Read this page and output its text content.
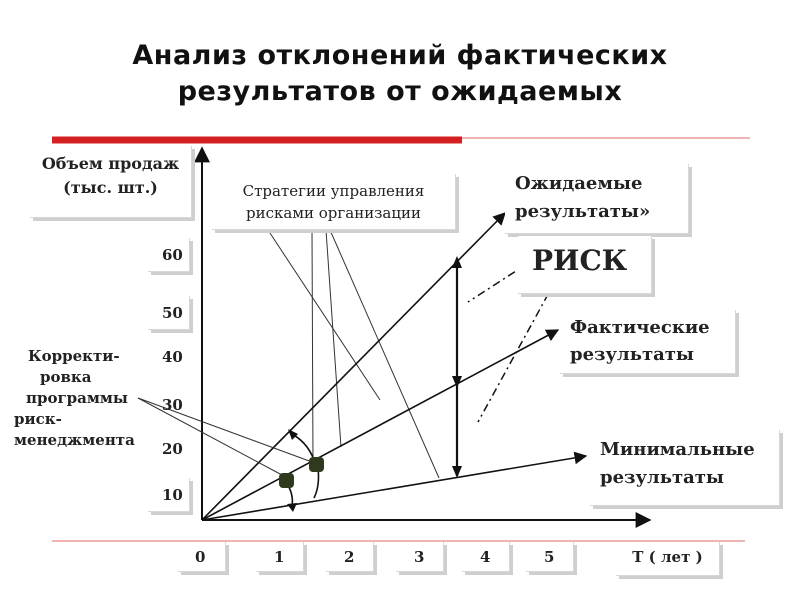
Анализ отклонений фактических
результатов от ожидаемых
Объем продаж
(тыс. шт.)
60
50
40
30
20
10
0	1	2	3	4	5	Т ( лет )
Стратегии управления
рисками организации
Ожидаемые
результаты»
РИСК
Фактические
результаты
Минимальные
результаты
Корректи-
ровка
программы
риск-
менеджмента
